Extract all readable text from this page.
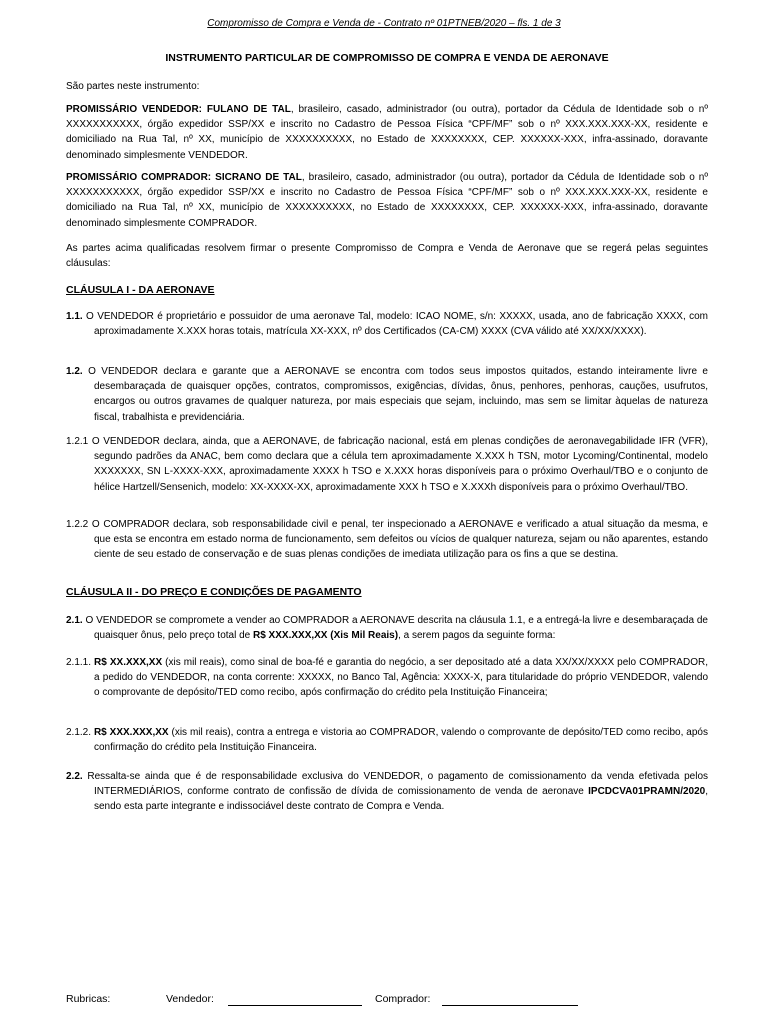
Compromisso de Compra e Venda de - Contrato nº 01PTNEB/2020 – fls. 1 de 3
INSTRUMENTO PARTICULAR DE COMPROMISSO DE COMPRA E VENDA DE AERONAVE

São partes neste instrumento:

PROMISSÁRIO VENDEDOR: FULANO DE TAL, brasileiro, casado, administrador (ou outra), portador da Cédula de Identidade sob o nº XXXXXXXXXXX, órgão expedidor SSP/XX e inscrito no Cadastro de Pessoa Física “CPF/MF” sob o nº XXX.XXX.XXX-XX, residente e domiciliado na Rua Tal, nº XX, município de XXXXXXXXXX, no Estado de XXXXXXXX, CEP. XXXXXX-XXX, infra-assinado, doravante denominado simplesmente VENDEDOR.

PROMISSÁRIO COMPRADOR: SICRANO DE TAL, brasileiro, casado, administrador (ou outra), portador da Cédula de Identidade sob o nº XXXXXXXXXXX, órgão expedidor SSP/XX e inscrito no Cadastro de Pessoa Física “CPF/MF” sob o nº XXX.XXX.XXX-XX, residente e domiciliado na Rua Tal, nº XX, município de XXXXXXXXXX, no Estado de XXXXXXXX, CEP. XXXXXX-XXX, infra-assinado, doravante denominado simplesmente COMPRADOR.

As partes acima qualificadas resolvem firmar o presente Compromisso de Compra e Venda de Aeronave que se regerá pelas seguintes cláusulas:

CLÁUSULA I - DA AERONAVE

1.1. O VENDEDOR é proprietário e possuidor de uma aeronave Tal, modelo: ICAO NOME, s/n: XXXXX, usada, ano de fabricação XXXX, com aproximadamente X.XXX horas totais, matrícula XX-XXX, nº dos Certificados (CA-CM) XXXX (CVA válido até XX/XX/XXXX).

1.2. O VENDEDOR declara e garante que a AERONAVE se encontra com todos seus impostos quitados, estando inteiramente livre e desembaraçada de quaisquer opções, contratos, compromissos, exigências, dívidas, ônus, penhores, penhoras, cauções, usufrutos, encargos ou outros gravames de qualquer natureza, por mais especiais que sejam, incluindo, mas sem se limitar àquelas de natureza fiscal, trabalhista e previdenciária.

1.2.1 O VENDEDOR declara, ainda, que a AERONAVE, de fabricação nacional, está em plenas condições de aeronavegabilidade IFR (VFR), segundo padrões da ANAC, bem como declara que a célula tem aproximadamente X.XXX h TSN, motor Lycoming/Continental, modelo XXXXXXX, SN L-XXXX-XXX, aproximadamente XXXX h TSO e X.XXX horas disponíveis para o próximo Overhaul/TBO e o conjunto de hélice Hartzell/Sensenich, modelo: XX-XXXX-XX, aproximadamente XXX h TSO e X.XXXh disponíveis para o próximo Overhaul/TBO.

1.2.2 O COMPRADOR declara, sob responsabilidade civil e penal, ter inspecionado a AERONAVE e verificado a atual situação da mesma, e que esta se encontra em estado norma de funcionamento, sem defeitos ou vícios de qualquer natureza, sejam ou não aparentes, estando ciente de seu estado de conservação e de suas plenas condições de imediata utilização para os fins a que se destina.

CLÁUSULA II - DO PREÇO E CONDIÇÕES DE PAGAMENTO

2.1. O VENDEDOR se compromete a vender ao COMPRADOR a AERONAVE descrita na cláusula 1.1, e a entregá-la livre e desembaraçada de quaisquer ônus, pelo preço total de R$ XXX.XXX,XX (Xis Mil Reais), a serem pagos da seguinte forma:

2.1.1. R$ XX.XXX,XX (xis mil reais), como sinal de boa-fé e garantia do negócio, a ser depositado até a data XX/XX/XXXX pelo COMPRADOR, a pedido do VENDEDOR, na conta corrente: XXXXX, no Banco Tal, Agência: XXXX-X, para titularidade do próprio VENDEDOR, valendo o comprovante de depósito/TED como recibo, após confirmação do crédito pela Instituição Financeira;

2.1.2. R$ XXX.XXX,XX (xis mil reais), contra a entrega e vistoria ao COMPRADOR, valendo o comprovante de depósito/TED como recibo, após confirmação do crédito pela Instituição Financeira.

2.2. Ressalta-se ainda que é de responsabilidade exclusiva do VENDEDOR, o pagamento de comissionamento da venda efetivada pelos INTERMEDIÁRIOS, conforme contrato de confissão de dívida de comissionamento de venda de aeronave IPCDCVA01PRAMN/2020, sendo esta parte integrante e indissociável deste contrato de Compra e Venda.

Rubricas:	Vendedor:	Comprador:
